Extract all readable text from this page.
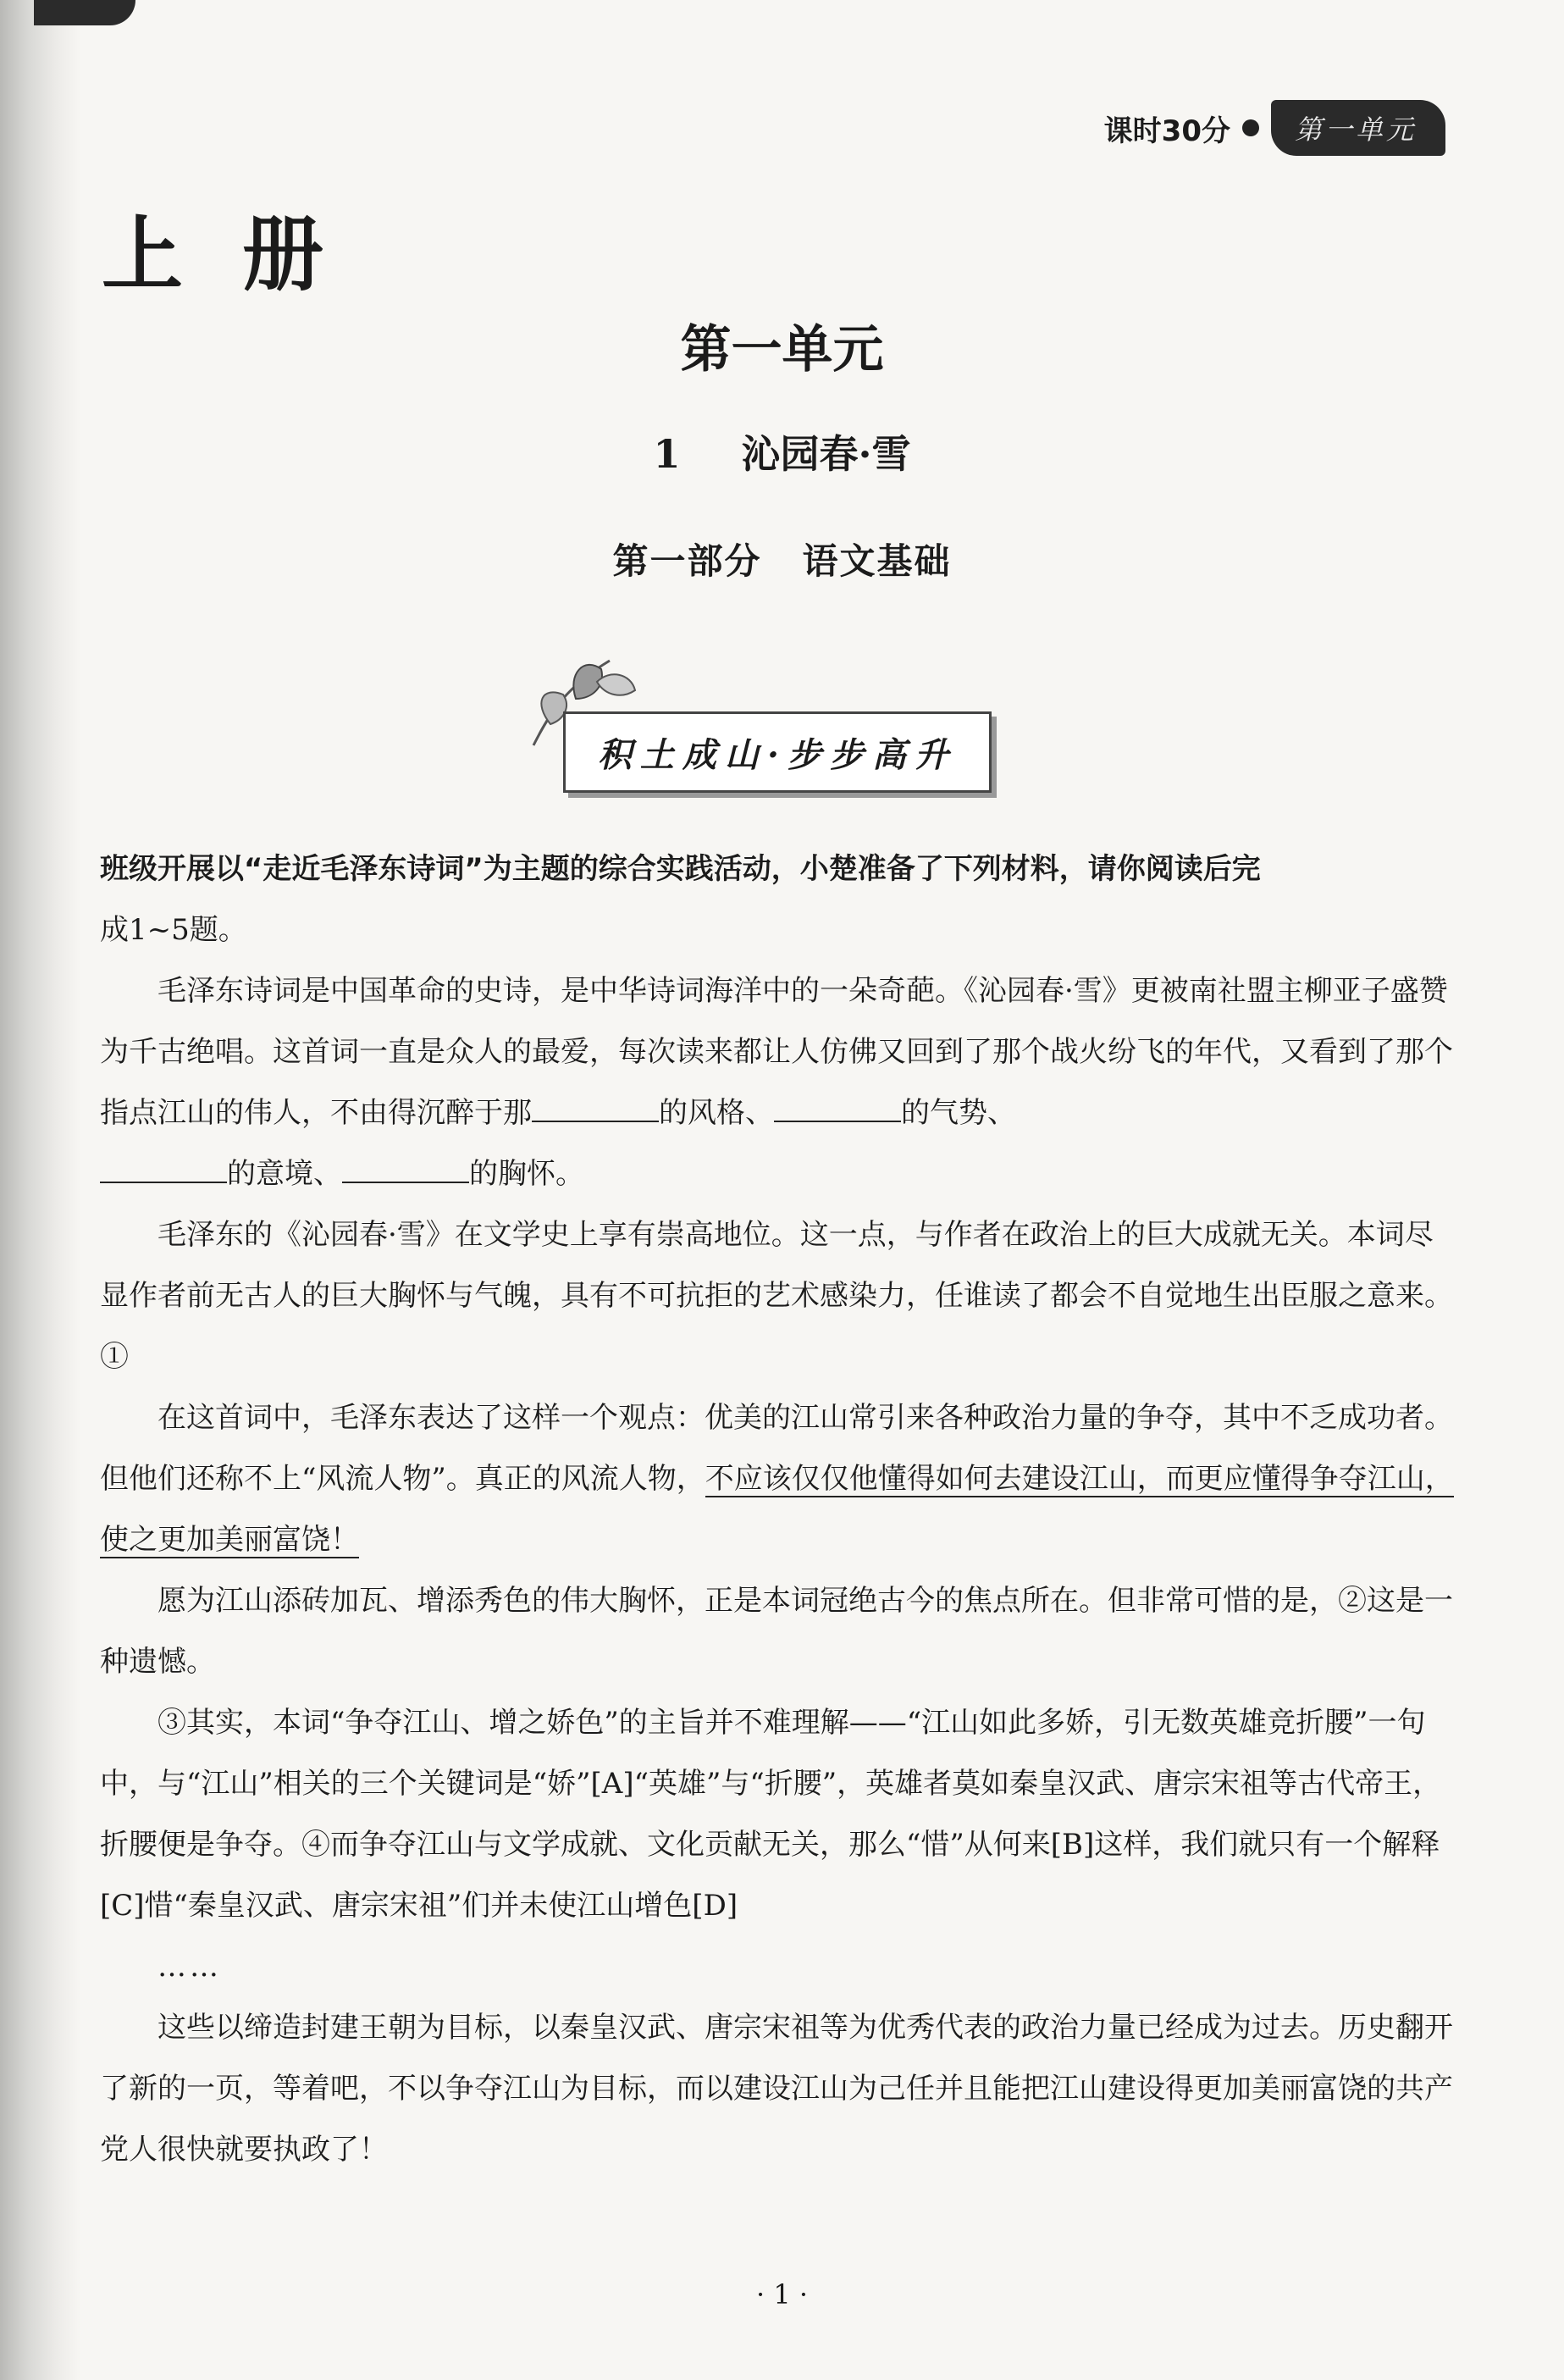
课时30分	第一单元
上册
第一单元
1 沁园春·雪
第一部分 语文基础
积土成山·步步高升

班级开展以“走近毛泽东诗词”为主题的综合实践活动，小楚准备了下列材料，请你阅读后完
成1~5题。

毛泽东诗词是中国革命的史诗，是中华诗词海洋中的一朵奇葩。《沁园春·雪》更被南社盟主柳亚子盛赞为千古绝唱。这首词一直是众人的最爱，每次读来都让人仿佛又回到了那个战火纷飞的年代，又看到了那个指点江山的伟人，不由得沉醉于那	的风格、	的气势、
的意境、	的胸怀。

毛泽东的《沁园春·雪》在文学史上享有崇高地位。这一点，与作者在政治上的巨大成就无关。本词尽显作者前无古人的巨大胸怀与气魄，具有不可抗拒的艺术感染力，任谁读了都会不自觉地生出臣服之意来。①

在这首词中，毛泽东表达了这样一个观点：优美的江山常引来各种政治力量的争夺，其中不乏成功者。但他们还称不上“风流人物”。真正的风流人物，不应该仅仅他懂得如何去建设江山，而更应懂得争夺江山，使之更加美丽富饶！

愿为江山添砖加瓦、增添秀色的伟大胸怀，正是本词冠绝古今的焦点所在。但非常可惜的是，②这是一种遗憾。

③其实，本词“争夺江山、增之娇色”的主旨并不难理解——“江山如此多娇，引无数英雄竞折腰”一句中，与“江山”相关的三个关键词是“娇”[A]“英雄”与“折腰”，英雄者莫如秦皇汉武、唐宗宋祖等古代帝王，折腰便是争夺。④而争夺江山与文学成就、文化贡献无关，那么“惜”从何来[B]这样，我们就只有一个解释[C]惜“秦皇汉武、唐宗宋祖”们并未使江山增色[D]

……

这些以缔造封建王朝为目标，以秦皇汉武、唐宗宋祖等为优秀代表的政治力量已经成为过去。历史翻开了新的一页，等着吧，不以争夺江山为目标，而以建设江山为己任并且能把江山建设得更加美丽富饶的共产党人很快就要执政了！

· 1 ·
